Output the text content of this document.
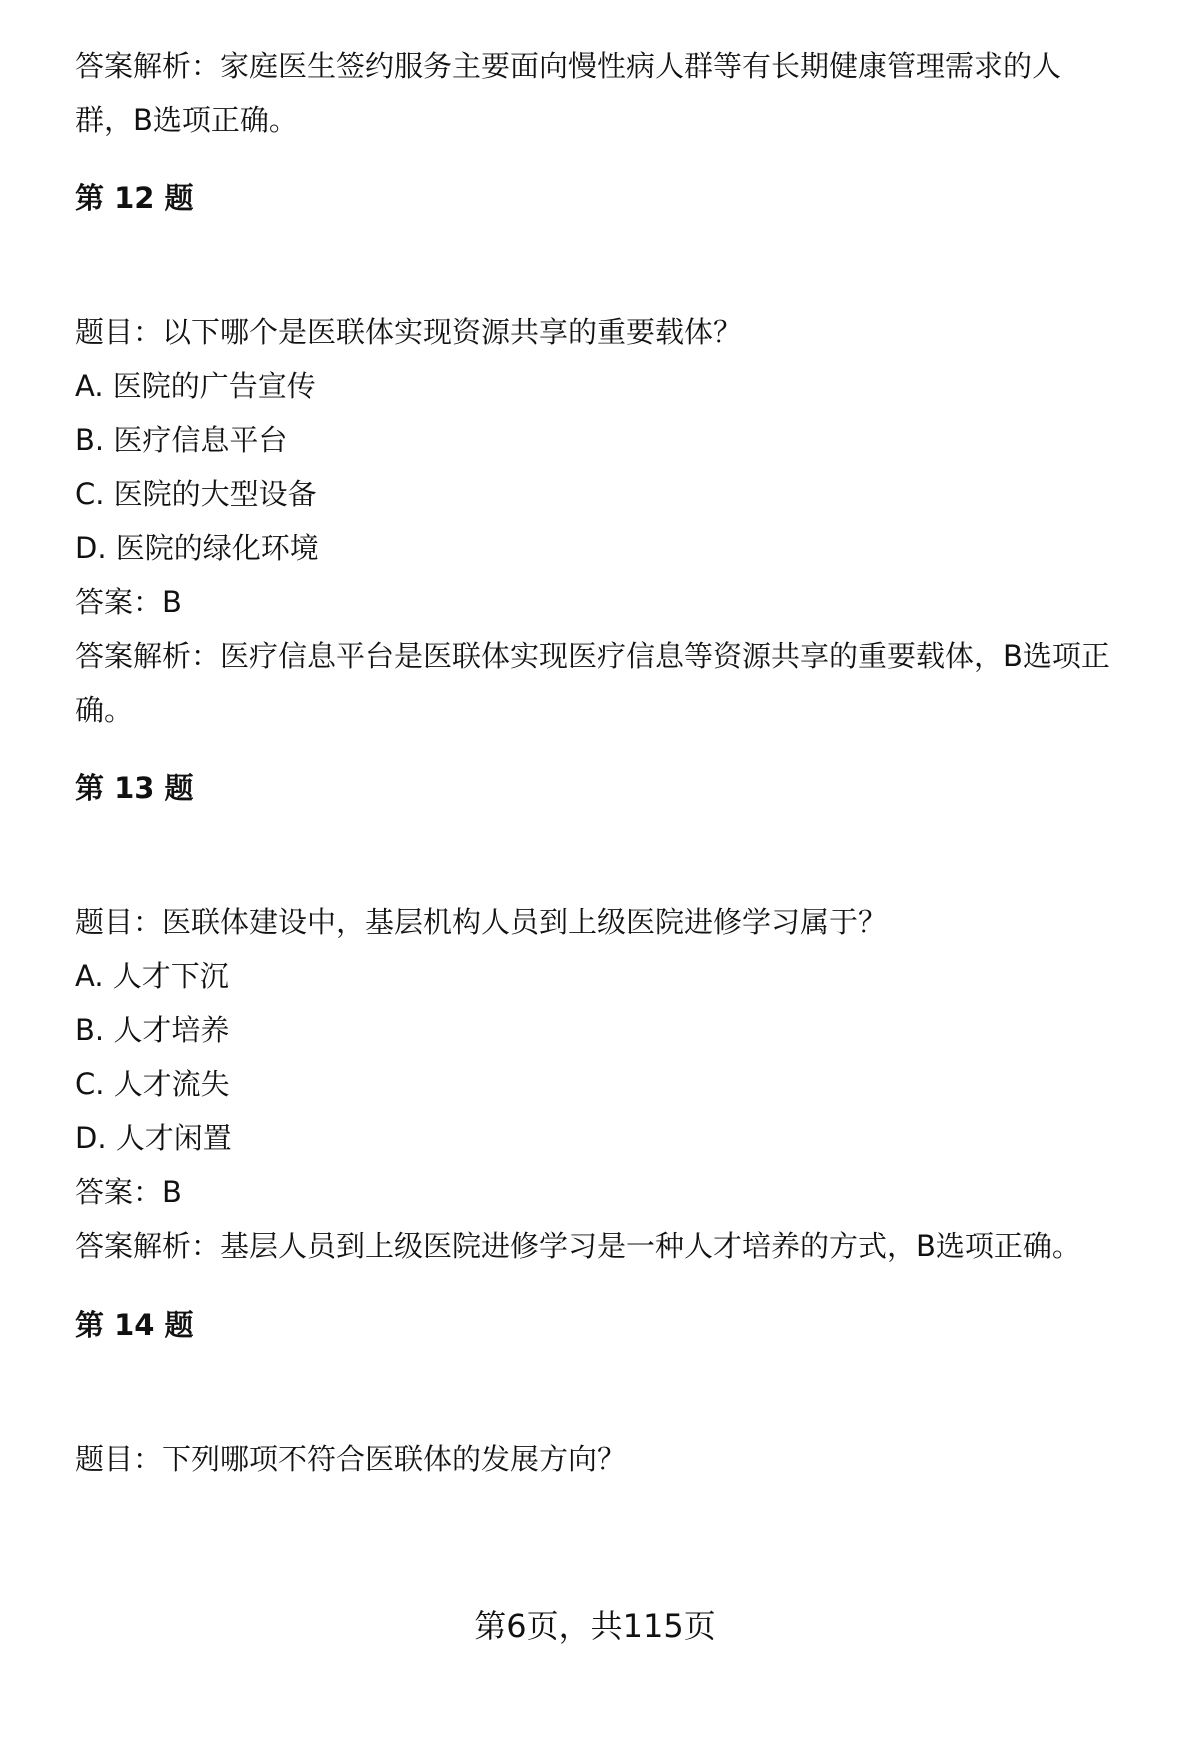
答案解析：家庭医生签约服务主要面向慢性病人群等有长期健康管理需求的人
群，B选项正确。
第 12 题
题目：以下哪个是医联体实现资源共享的重要载体？
A. 医院的广告宣传
B. 医疗信息平台
C. 医院的大型设备
D. 医院的绿化环境
答案：B
答案解析：医疗信息平台是医联体实现医疗信息等资源共享的重要载体，B选项正
确。
第 13 题
题目：医联体建设中，基层机构人员到上级医院进修学习属于？
A. 人才下沉
B. 人才培养
C. 人才流失
D. 人才闲置
答案：B
答案解析：基层人员到上级医院进修学习是一种人才培养的方式，B选项正确。
第 14 题
题目：下列哪项不符合医联体的发展方向？
第6页，共115页
